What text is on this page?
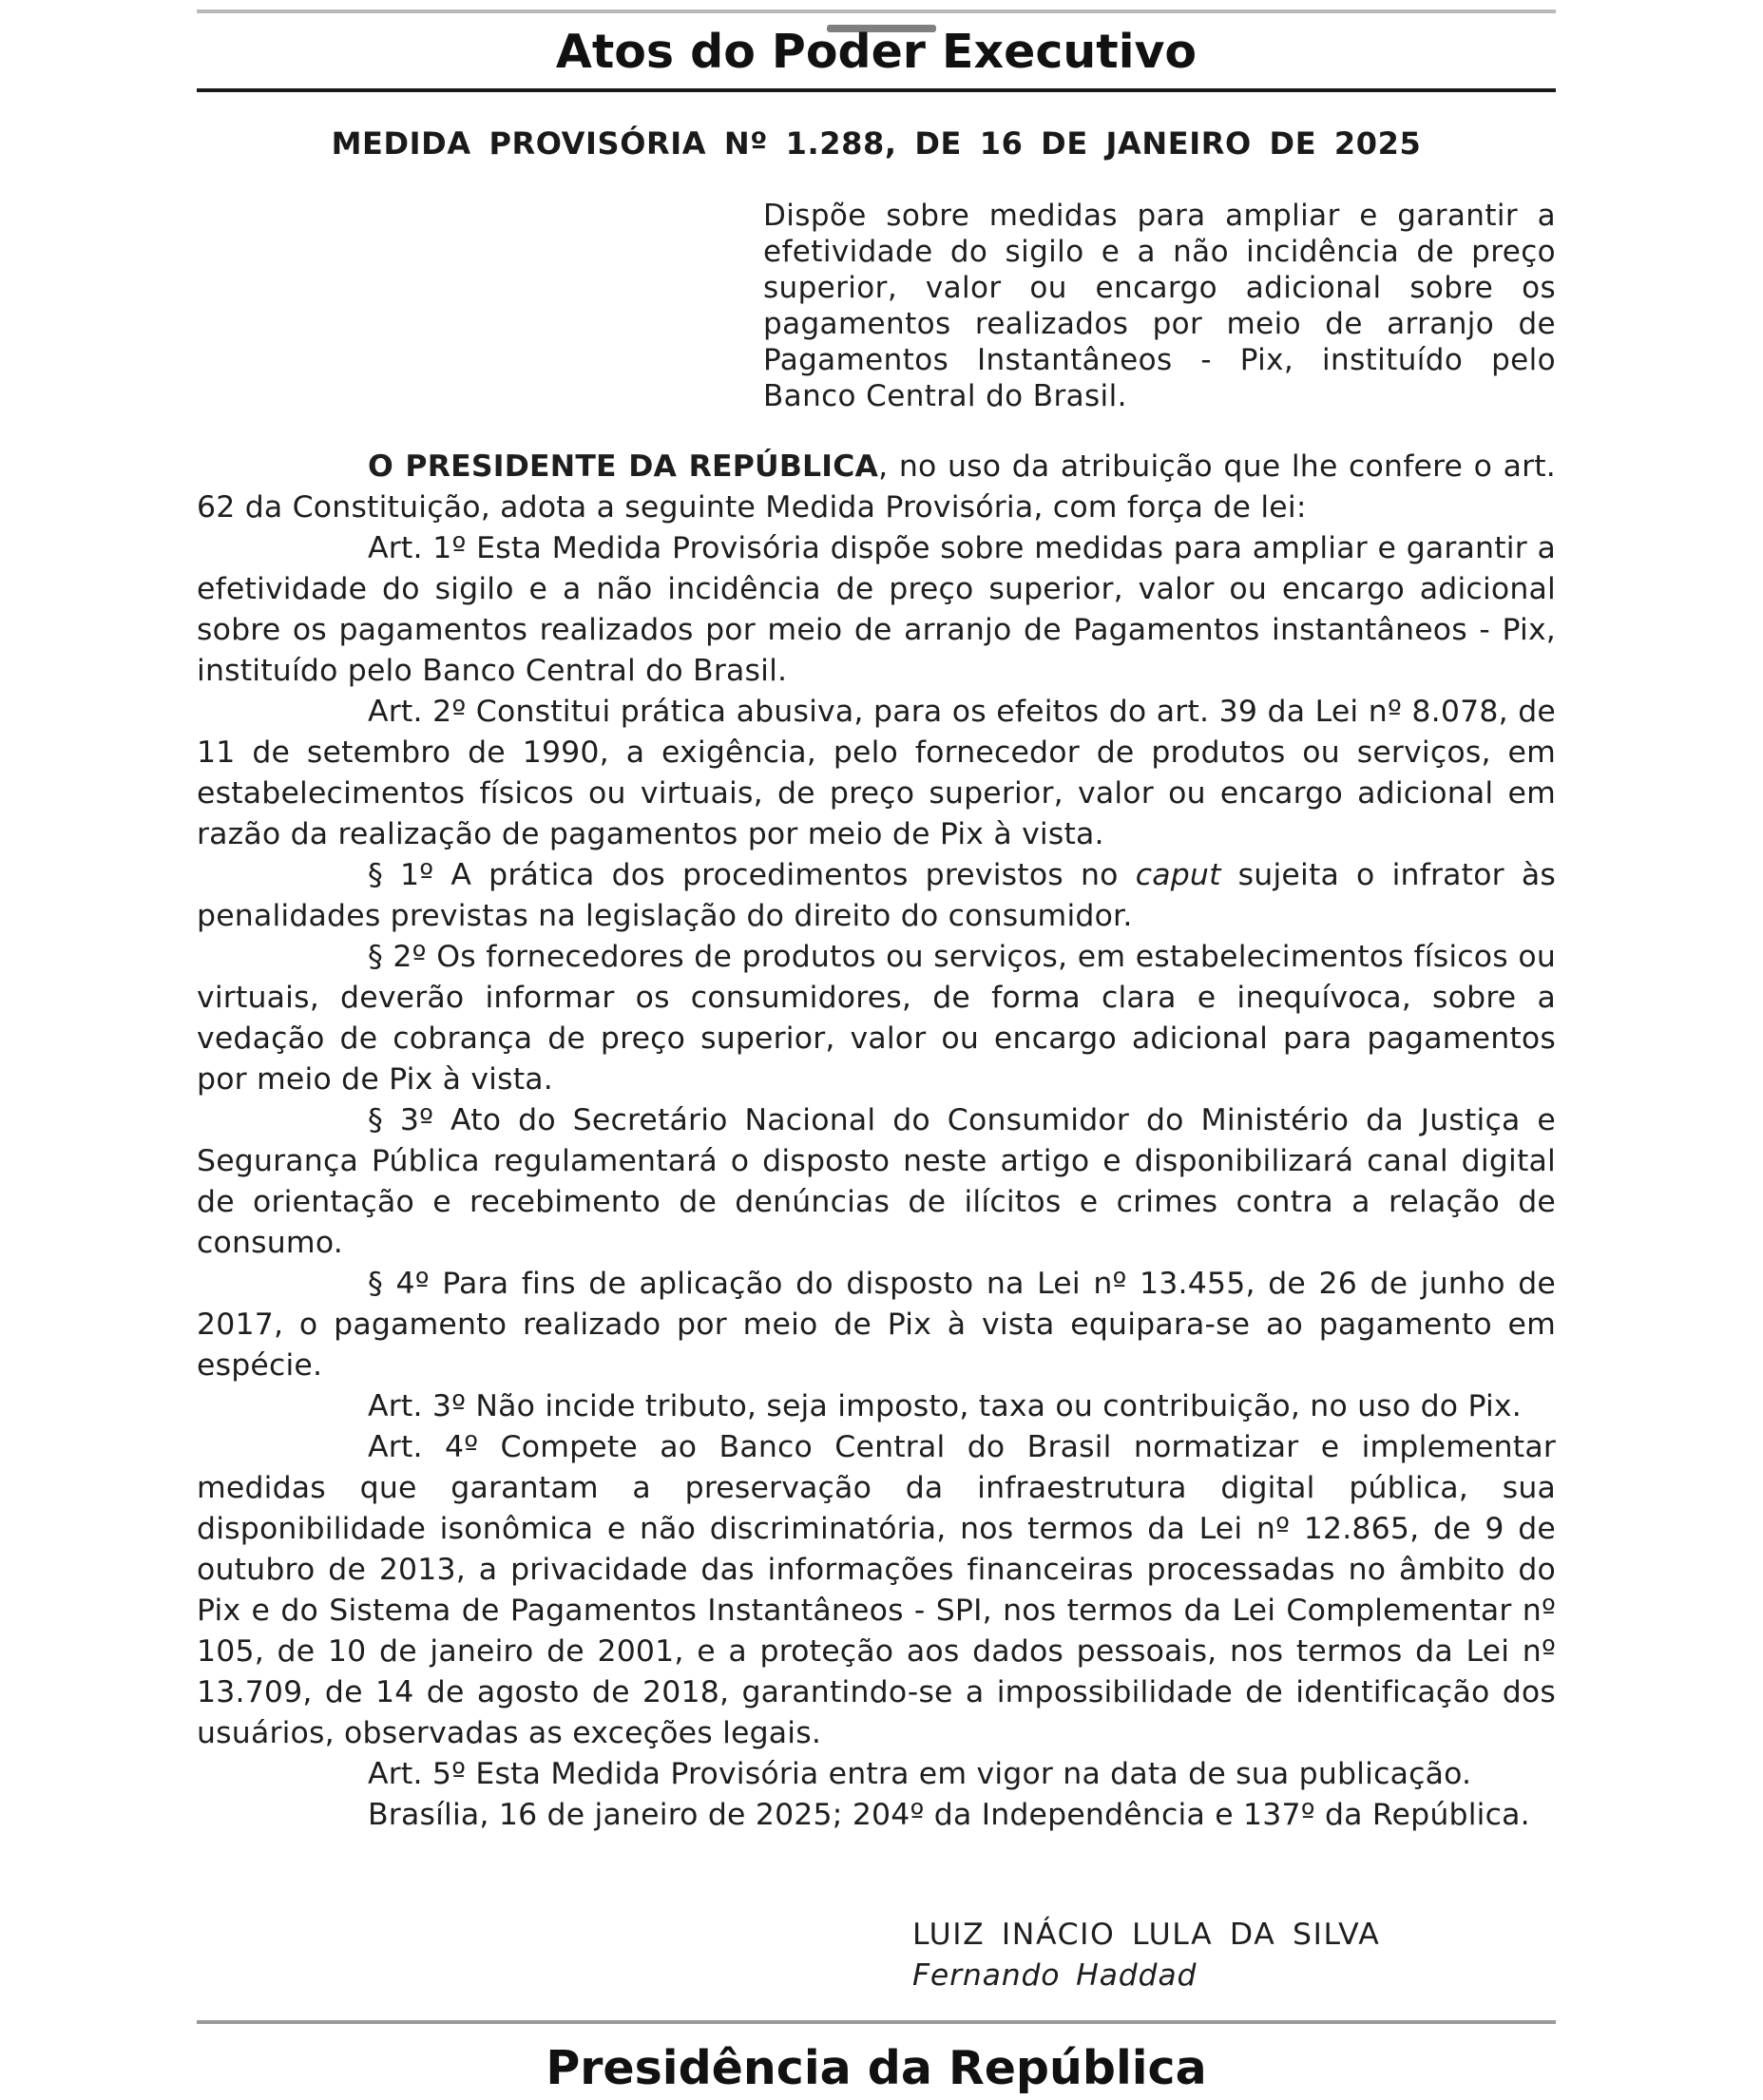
Atos do Poder Executivo
MEDIDA PROVISÓRIA Nº 1.288, DE 16 DE JANEIRO DE 2025
Dispõe sobre medidas para ampliar e garantir a efetividade do sigilo e a não incidência de preço superior, valor ou encargo adicional sobre os pagamentos realizados por meio de arranjo de Pagamentos Instantâneos - Pix, instituído pelo Banco Central do Brasil.

O PRESIDENTE DA REPÚBLICA, no uso da atribuição que lhe confere o art. 62 da Constituição, adota a seguinte Medida Provisória, com força de lei:

Art. 1º Esta Medida Provisória dispõe sobre medidas para ampliar e garantir a efetividade do sigilo e a não incidência de preço superior, valor ou encargo adicional sobre os pagamentos realizados por meio de arranjo de Pagamentos instantâneos - Pix, instituído pelo Banco Central do Brasil.

Art. 2º Constitui prática abusiva, para os efeitos do art. 39 da Lei nº 8.078, de 11 de setembro de 1990, a exigência, pelo fornecedor de produtos ou serviços, em estabelecimentos físicos ou virtuais, de preço superior, valor ou encargo adicional em razão da realização de pagamentos por meio de Pix à vista.

§ 1º A prática dos procedimentos previstos no caput sujeita o infrator às penalidades previstas na legislação do direito do consumidor.

§ 2º Os fornecedores de produtos ou serviços, em estabelecimentos físicos ou virtuais, deverão informar os consumidores, de forma clara e inequívoca, sobre a vedação de cobrança de preço superior, valor ou encargo adicional para pagamentos por meio de Pix à vista.

§ 3º Ato do Secretário Nacional do Consumidor do Ministério da Justiça e Segurança Pública regulamentará o disposto neste artigo e disponibilizará canal digital de orientação e recebimento de denúncias de ilícitos e crimes contra a relação de consumo.

§ 4º Para fins de aplicação do disposto na Lei nº 13.455, de 26 de junho de 2017, o pagamento realizado por meio de Pix à vista equipara-se ao pagamento em espécie.

Art. 3º Não incide tributo, seja imposto, taxa ou contribuição, no uso do Pix.

Art. 4º Compete ao Banco Central do Brasil normatizar e implementar medidas que garantam a preservação da infraestrutura digital pública, sua disponibilidade isonômica e não discriminatória, nos termos da Lei nº 12.865, de 9 de outubro de 2013, a privacidade das informações financeiras processadas no âmbito do Pix e do Sistema de Pagamentos Instantâneos - SPI, nos termos da Lei Complementar nº 105, de 10 de janeiro de 2001, e a proteção aos dados pessoais, nos termos da Lei nº 13.709, de 14 de agosto de 2018, garantindo-se a impossibilidade de identificação dos usuários, observadas as exceções legais.

Art. 5º Esta Medida Provisória entra em vigor na data de sua publicação.

Brasília, 16 de janeiro de 2025; 204º da Independência e 137º da República.

LUIZ INÁCIO LULA DA SILVA
Fernando Haddad
Presidência da República
